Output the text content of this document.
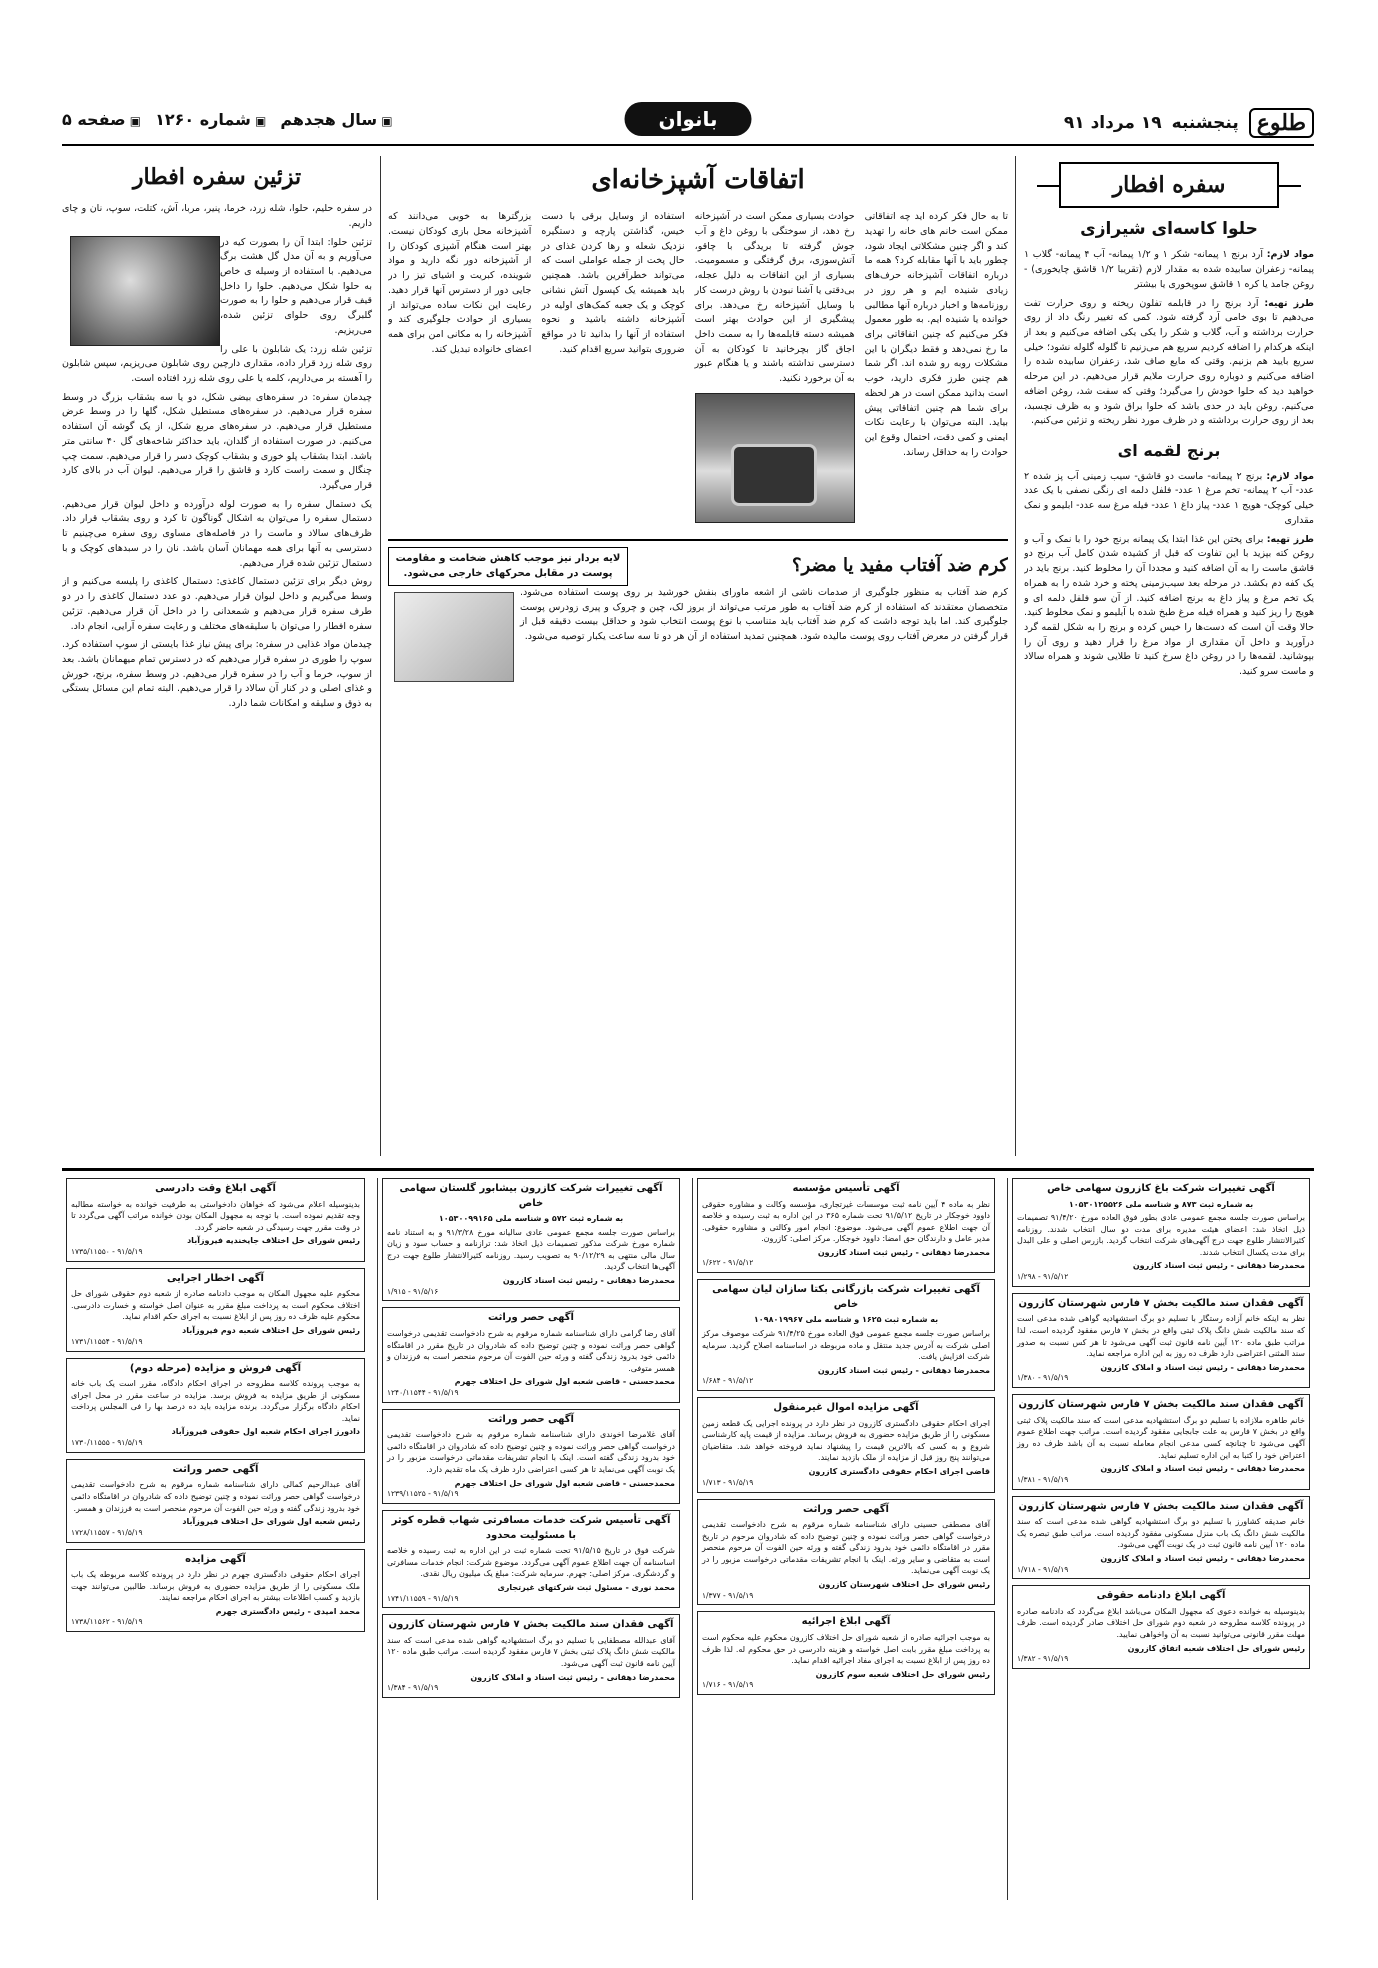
طلوع
پنجشنبه
۱۹ مرداد ۹۱
بانوان
▣ سال هجدهم
▣ شماره ۱۲۶۰
▣ صفحه ۵
سفره افطار
حلوا کاسه‌ای شیرازی

مواد لازم: آرد برنج ۱ پیمانه- شکر ۱ و ۱/۲ پیمانه- آب ۴ پیمانه- گلاب ۱ پیمانه- زعفران سابیده شده به مقدار لازم (تقریبا ۱/۲ قاشق چایخوری) - روغن جامد یا کره ۱ قاشق سوپخوری یا بیشتر

طرز تهیه: آرد برنج را در قابلمه تفلون ریخته و روی حرارت تفت می‌دهیم تا بوی خامی آرد گرفته شود. کمی که تغییر رنگ داد از روی حرارت برداشته و آب، گلاب و شکر را یکی یکی اضافه می‌کنیم و بعد از اینکه هرکدام را اضافه کردیم سریع هم می‌زنیم تا گلوله گلوله نشود؛ خیلی سریع بایید هم بزنیم. وقتی که مایع صاف شد، زعفران سابیده شده را اضافه می‌کنیم و دوباره روی حرارت ملایم قرار می‌دهیم. در این مرحله خواهید دید که حلوا خودش را می‌گیرد؛ وقتی که سفت شد، روغن اضافه می‌کنیم. روغن باید در حدی باشد که حلوا براق شود و به ظرف نچسبد، بعد از روی حرارت برداشته و در ظرف مورد نظر ریخته و تزئین می‌کنیم.

برنج لقمه ای

مواد لازم: برنج ۲ پیمانه- ماست دو قاشق- سیب زمینی آب پز شده ۲ عدد- آب ۲ پیمانه- تخم مرغ ۱ عدد- فلفل دلمه ای رنگی نصفی با یک عدد خیلی کوچک- هویج ۱ عدد- پیاز داغ ۱ عدد- فیله مرغ سه عدد- ابلیمو و نمک مقداری

طرز تهیه: برای پختن این غذا ابتدا یک پیمانه برنج خود را با نمک و آب و روغن کته بپزید با این تفاوت که قبل از کشیده شدن کامل آب برنج دو قاشق ماست را به آن اضافه کنید و مجددا آن را مخلوط کنید. برنج باید در یک کفه دم بکشد. در مرحله بعد سیب‌زمینی پخته و خرد شده را به همراه یک تخم مرغ و پیاز داغ به برنج اضافه کنید. از آن سو فلفل دلمه ای و هویج را ریز کنید و همراه فیله مرغ طبخ شده با آبلیمو و نمک مخلوط کنید. حالا وقت آن است که دست‌ها را خیس کرده و برنج را به شکل لقمه گرد درآورید و داخل آن مقداری از مواد مرغ را قرار دهید و روی آن را بپوشانید. لقمه‌ها را در روغن داغ سرخ کنید تا طلایی شوند و همراه سالاد و ماست سرو کنید.

اتفاقات آشپزخانه‌ای

تا به حال فکر کرده اید چه اتفاقاتی ممکن است خانم های خانه را تهدید کند و اگر چنین مشکلاتی ایجاد شود، چطور باید با آنها مقابله کرد؟ همه ما درباره اتفاقات آشپزخانه حرف‌های زیادی شنیده ایم و هر روز در روزنامه‌ها و اخبار درباره آنها مطالبی خوانده یا شنیده ایم. به طور معمول فکر می‌کنیم که چنین اتفاقاتی برای ما رخ نمی‌دهد و فقط دیگران با این مشکلات روبه رو شده اند. اگر شما هم چنین طرز فکری دارید، خوب است بدانید ممکن است در هر لحظه برای شما هم چنین اتفاقاتی پیش بیاید. البته می‌توان با رعایت نکات ایمنی و کمی دقت، احتمال وقوع این حوادث را به حداقل رساند.

حوادث بسیاری ممکن است در آشپزخانه رخ دهد، از سوختگی با روغن داغ و آب جوش گرفته تا بریدگی با چاقو، آتش‌سوزی، برق گرفتگی و مسمومیت. بسیاری از این اتفاقات به دلیل عجله، بی‌دقتی یا آشنا نبودن با روش درست کار با وسایل آشپزخانه رخ می‌دهد. برای پیشگیری از این حوادث بهتر است همیشه دسته قابلمه‌ها را به سمت داخل اجاق گاز بچرخانید تا کودکان به آن دسترسی نداشته باشند و یا هنگام عبور به آن برخورد نکنید.

استفاده از وسایل برقی با دست خیس، گذاشتن پارچه و دستگیره نزدیک شعله و رها کردن غذای در حال پخت از جمله عواملی است که می‌تواند خطرآفرین باشد. همچنین باید همیشه یک کپسول آتش نشانی کوچک و یک جعبه کمک‌های اولیه در آشپزخانه داشته باشید و نحوه استفاده از آنها را بدانید تا در مواقع ضروری بتوانید سریع اقدام کنید.

بزرگترها به خوبی می‌دانند که آشپزخانه محل بازی کودکان نیست. بهتر است هنگام آشپزی کودکان را از آشپزخانه دور نگه دارید و مواد شوینده، کبریت و اشیای تیز را در جایی دور از دسترس آنها قرار دهید. رعایت این نکات ساده می‌تواند از بسیاری از حوادث جلوگیری کند و آشپزخانه را به مکانی امن برای همه اعضای خانواده تبدیل کند.

کرم ضد آفتاب مفید یا مضر؟
لایه بردار نیز موجب کاهش ضخامت و مقاومت پوست در مقابل محرکهای خارجی می‌شود.

کرم ضد آفتاب به منظور جلوگیری از صدمات ناشی از اشعه ماورای بنفش خورشید بر روی پوست استفاده می‌شود. متخصصان معتقدند که استفاده از کرم ضد آفتاب به طور مرتب می‌تواند از بروز لک، چین و چروک و پیری زودرس پوست جلوگیری کند. اما باید توجه داشت که کرم ضد آفتاب باید متناسب با نوع پوست انتخاب شود و حداقل بیست دقیقه قبل از قرار گرفتن در معرض آفتاب روی پوست مالیده شود. همچنین تمدید استفاده از آن هر دو تا سه ساعت یکبار توصیه می‌شود.

تزئین سفره افطار

در سفره حلیم، حلوا، شله زرد، خرما، پنیر، مربا، آش، کتلت، سوپ، نان و چای داریم.

تزئین حلوا: ابتدا آن را بصورت کیه در می‌آوریم و به آن مدل گل هشت برگ می‌دهیم. با استفاده از وسیله ی خاص به حلوا شکل می‌دهیم. حلوا را داخل قیف قرار می‌دهیم و حلوا را به صورت گلبرگ روی حلوای تزئین شده، می‌ریزیم.

تزئین شله زرد: یک شابلون با علی را روی شله زرد قرار داده، مقداری دارچین روی شابلون می‌ریزیم، سپس شابلون را آهسته بر می‌داریم، کلمه یا علی روی شله زرد افتاده است.

چیدمان سفره: در سفره‌های بیضی شکل، دو یا سه بشقاب بزرگ در وسط سفره قرار می‌دهیم. در سفره‌های مستطیل شکل، گلها را در وسط عرض مستطیل قرار می‌دهیم. در سفره‌های مربع شکل، از یک گوشه آن استفاده می‌کنیم. در صورت استفاده از گلدان، باید حداکثر شاخه‌های گل ۴۰ سانتی متر باشد. ابتدا بشقاب پلو خوری و بشقاب کوچک دسر را قرار می‌دهیم. سمت چپ چنگال و سمت راست کارد و قاشق را قرار می‌دهیم. لیوان آب در بالای کارد قرار می‌گیرد.

یک دستمال سفره را به صورت لوله درآورده و داخل لیوان قرار می‌دهیم. دستمال سفره را می‌توان به اشکال گوناگون تا کرد و روی بشقاب قرار داد. ظرف‌های سالاد و ماست را در فاصله‌های مساوی روی سفره می‌چینیم تا دسترسی به آنها برای همه مهمانان آسان باشد. نان را در سبدهای کوچک و با دستمال تزئین شده قرار می‌دهیم.

روش دیگر برای تزئین دستمال کاغذی: دستمال کاغذی را پلیسه می‌کنیم و از وسط می‌گیریم و داخل لیوان قرار می‌دهیم. دو عدد دستمال کاغذی را در دو طرف سفره قرار می‌دهیم و شمعدانی را در داخل آن قرار می‌دهیم. تزئین سفره افطار را می‌توان با سلیقه‌های مختلف و رعایت سفره آرایی، انجام داد.

چیدمان مواد غذایی در سفره: برای پیش نیاز غذا بایستی از سوپ استفاده کرد. سوپ را طوری در سفره قرار می‌دهیم که در دسترس تمام میهمانان باشد. بعد از سوپ، خرما و آب را در سفره قرار می‌دهیم. در وسط سفره، برنج، خورش و غذای اصلی و در کنار آن سالاد را قرار می‌دهیم. البته تمام این مسائل بستگی به ذوق و سلیقه و امکانات شما دارد.

آگهی تغییرات شرکت باغ کازرون سهامی خاص
به شماره ثبت ۸۷۳ و شناسه ملی ۱۰۵۳۰۱۲۵۵۲۶
براساس صورت جلسه مجمع عمومی عادی بطور فوق العاده مورخ ۹۱/۴/۲۰ تصمیمات ذیل اتخاذ شد: اعضای هیئت مدیره برای مدت دو سال انتخاب شدند. روزنامه کثیرالانتشار طلوع جهت درج آگهی‌های شرکت انتخاب گردید. بازرس اصلی و علی البدل برای مدت یکسال انتخاب شدند.
محمدرضا دهقانی - رئیس ثبت اسناد کازرون
۹۱/۵/۱۲ - ۱/۲۹۸
آگهی فقدان سند مالکیت بخش ۷ فارس شهرستان کازرون
نظر به اینکه خانم آزاده رستگار با تسلیم دو برگ استشهادیه گواهی شده مدعی است که سند مالکیت شش دانگ پلاک ثبتی واقع در بخش ۷ فارس مفقود گردیده است، لذا مراتب طبق ماده ۱۲۰ آیین نامه قانون ثبت آگهی می‌شود تا هر کس نسبت به صدور سند المثنی اعتراضی دارد ظرف ده روز به این اداره مراجعه نماید.
محمدرضا دهقانی - رئیس ثبت اسناد و املاک کازرون
۹۱/۵/۱۹ - ۱/۳۸۰
آگهی فقدان سند مالکیت بخش ۷ فارس شهرستان کازرون
خانم طاهره ملازاده با تسلیم دو برگ استشهادیه مدعی است که سند مالکیت پلاک ثبتی واقع در بخش ۷ فارس به علت جابجایی مفقود گردیده است. مراتب جهت اطلاع عموم آگهی می‌شود تا چنانچه کسی مدعی انجام معامله نسبت به آن باشد ظرف ده روز اعتراض خود را کتبا به این اداره تسلیم نماید.
محمدرضا دهقانی - رئیس ثبت اسناد و املاک کازرون
۹۱/۵/۱۹ - ۱/۳۸۱
آگهی فقدان سند مالکیت بخش ۷ فارس شهرستان کازرون
خانم صدیقه کشاورز با تسلیم دو برگ استشهادیه گواهی شده مدعی است که سند مالکیت شش دانگ یک باب منزل مسکونی مفقود گردیده است. مراتب طبق تبصره یک ماده ۱۲۰ آیین نامه قانون ثبت در یک نوبت آگهی می‌شود.
محمدرضا دهقانی - رئیس ثبت اسناد و املاک کازرون
۹۱/۵/۱۹ - ۱/۷۱۸
آگهی ابلاغ دادنامه حقوقی
بدینوسیله به خوانده دعوی که مجهول المکان می‌باشد ابلاغ می‌گردد که دادنامه صادره در پرونده کلاسه مطروحه در شعبه دوم شورای حل اختلاف صادر گردیده است. ظرف مهلت مقرر قانونی می‌توانید نسبت به آن واخواهی نمایید.
رئیس شورای حل اختلاف شعبه اتفاق کازرون
۹۱/۵/۱۹ - ۱/۳۸۲
آگهی تأسیس مؤسسه
نظر به ماده ۴ آیین نامه ثبت موسسات غیرتجاری، مؤسسه وکالت و مشاوره حقوقی داوود خوجکار در تاریخ ۹۱/۵/۱۲ تحت شماره ۳۶۵ در این اداره به ثبت رسیده و خلاصه آن جهت اطلاع عموم آگهی می‌شود. موضوع: انجام امور وکالتی و مشاوره حقوقی. مدیر عامل و دارندگان حق امضا: داوود خوجکار. مرکز اصلی: کازرون.
محمدرضا دهقانی - رئیس ثبت اسناد کازرون
۹۱/۵/۱۲ - ۱/۶۲۲
آگهی تغییرات شرکت بازرگانی بکتا سازان لیان سهامی خاص
به شماره ثبت ۱۶۲۵ و شناسه ملی ۱۰۹۸۰۱۹۹۶۷
براساس صورت جلسه مجمع عمومی فوق العاده مورخ ۹۱/۴/۲۵ شرکت موصوف مرکز اصلی شرکت به آدرس جدید منتقل و ماده مربوطه در اساسنامه اصلاح گردید. سرمایه شرکت افزایش یافت.
محمدرضا دهقانی - رئیس ثبت اسناد کازرون
۹۱/۵/۱۲ - ۱/۶۸۴
آگهی مزایده اموال غیرمنقول
اجرای احکام حقوقی دادگستری کازرون در نظر دارد در پرونده اجرایی یک قطعه زمین مسکونی را از طریق مزایده حضوری به فروش برساند. مزایده از قیمت پایه کارشناسی شروع و به کسی که بالاترین قیمت را پیشنهاد نماید فروخته خواهد شد. متقاضیان می‌توانند پنج روز قبل از مزایده از ملک بازدید نمایند.
قاضی اجرای احکام حقوقی دادگستری کازرون
۹۱/۵/۱۹ - ۱/۷۱۳
آگهی حصر وراثت
آقای مصطفی حسینی دارای شناسنامه شماره مرقوم به شرح دادخواست تقدیمی درخواست گواهی حصر وراثت نموده و چنین توضیح داده که شادروان مرحوم در تاریخ مقرر در اقامتگاه دائمی خود بدرود زندگی گفته و ورثه حین الفوت آن مرحوم منحصر است به متقاضی و سایر ورثه. اینک با انجام تشریفات مقدماتی درخواست مزبور را در یک نوبت آگهی می‌نماید.
رئیس شورای حل اختلاف شهرستان کازرون
۹۱/۵/۱۹ - ۱/۳۷۷
آگهی ابلاغ اجرائیه
به موجب اجرائیه صادره از شعبه شورای حل اختلاف کازرون محکوم علیه محکوم است به پرداخت مبلغ مقرر بابت اصل خواسته و هزینه دادرسی در حق محکوم له. لذا ظرف ده روز پس از ابلاغ نسبت به اجرای مفاد اجرائیه اقدام نماید.
رئیس شورای حل اختلاف شعبه سوم کازرون
۹۱/۵/۱۹ - ۱/۷۱۶
آگهی تغییرات شرکت کازرون بیشابور گلستان سهامی خاص
به شماره ثبت ۵۷۲ و شناسه ملی ۱۰۵۳۰۰۹۹۱۶۵
براساس صورت جلسه مجمع عمومی عادی سالیانه مورخ ۹۱/۳/۲۸ و به استناد نامه شماره مورخ شرکت مذکور تصمیمات ذیل اتخاذ شد: ترازنامه و حساب سود و زیان سال مالی منتهی به ۹۰/۱۲/۲۹ به تصویب رسید. روزنامه کثیرالانتشار طلوع جهت درج آگهی‌ها انتخاب گردید.
محمدرضا دهقانی - رئیس ثبت اسناد کازرون
۹۱/۵/۱۶ - ۱/۹۱۵
آگهی حصر وراثت
آقای رضا گرامی دارای شناسنامه شماره مرقوم به شرح دادخواست تقدیمی درخواست گواهی حصر وراثت نموده و چنین توضیح داده که شادروان در تاریخ مقرر در اقامتگاه دائمی خود بدرود زندگی گفته و ورثه حین الفوت آن مرحوم منحصر است به فرزندان و همسر متوفی.
محمدحسنی - قاضی شعبه اول شورای حل اختلاف جهرم
۹۱/۵/۱۹ - ۱۲۴۰/۱۱۵۴۴
آگهی حصر وراثت
آقای غلامرضا اخوندی دارای شناسنامه شماره مرقوم به شرح دادخواست تقدیمی درخواست گواهی حصر وراثت نموده و چنین توضیح داده که شادروان در اقامتگاه دائمی خود بدرود زندگی گفته است. اینک با انجام تشریفات مقدماتی درخواست مزبور را در یک نوبت آگهی می‌نماید تا هر کسی اعتراضی دارد ظرف یک ماه تقدیم دارد.
محمدحسنی - قاضی شعبه اول شورای حل اختلاف جهرم
۹۱/۵/۱۹ - ۱۲۳۹/۱۱۵۲۵
آگهی تأسیس شرکت خدمات مسافرتی شهاب قطره کوثر با مسئولیت محدود
شرکت فوق در تاریخ ۹۱/۵/۱۵ تحت شماره ثبت در این اداره به ثبت رسیده و خلاصه اساسنامه آن جهت اطلاع عموم آگهی می‌گردد. موضوع شرکت: انجام خدمات مسافرتی و گردشگری. مرکز اصلی: جهرم. سرمایه شرکت: مبلغ یک میلیون ریال نقدی.
محمد نوری - مسئول ثبت شرکتهای غیرتجاری
۹۱/۵/۱۹ - ۱۷۴۱/۱۱۵۵۹
آگهی فقدان سند مالکیت بخش ۷ فارس شهرستان کازرون
آقای عبدالله مصطفایی با تسلیم دو برگ استشهادیه گواهی شده مدعی است که سند مالکیت شش دانگ پلاک ثبتی بخش ۷ فارس مفقود گردیده است. مراتب طبق ماده ۱۲۰ آیین نامه قانون ثبت آگهی می‌شود.
محمدرضا دهقانی - رئیس ثبت اسناد و املاک کازرون
۹۱/۵/۱۹ - ۱/۳۸۴
آگهی ابلاغ وقت دادرسی
بدینوسیله اعلام می‌شود که خواهان دادخواستی به طرفیت خوانده به خواسته مطالبه وجه تقدیم نموده است. با توجه به مجهول المکان بودن خوانده مراتب آگهی می‌گردد تا در وقت مقرر جهت رسیدگی در شعبه حاضر گردد.
رئیس شورای حل اختلاف جایخندیه فیروزآباد
۹۱/۵/۱۹ - ۱۷۳۵/۱۱۵۵۰
آگهی اخطار اجرایی
محکوم علیه مجهول المکان به موجب دادنامه صادره از شعبه دوم حقوقی شورای حل اختلاف محکوم است به پرداخت مبلغ مقرر به عنوان اصل خواسته و خسارت دادرسی. محکوم علیه ظرف ده روز پس از ابلاغ نسبت به اجرای حکم اقدام نماید.
رئیس شورای حل اختلاف شعبه دوم فیروزآباد
۹۱/۵/۱۹ - ۱۷۳۱/۱۱۵۵۴
آگهی فروش و مزایده (مرحله دوم)
به موجب پرونده کلاسه مطروحه در اجرای احکام دادگاه، مقرر است یک باب خانه مسکونی از طریق مزایده به فروش برسد. مزایده در ساعت مقرر در محل اجرای احکام دادگاه برگزار می‌گردد. برنده مزایده باید ده درصد بها را فی المجلس پرداخت نماید.
دادورز اجرای احکام شعبه اول حقوقی فیروزآباد
۹۱/۵/۱۹ - ۱۷۳۰/۱۱۵۵۵
آگهی حصر وراثت
آقای عبدالرحیم کمالی دارای شناسنامه شماره مرقوم به شرح دادخواست تقدیمی درخواست گواهی حصر وراثت نموده و چنین توضیح داده که شادروان در اقامتگاه دائمی خود بدرود زندگی گفته و ورثه حین الفوت آن مرحوم منحصر است به فرزندان و همسر.
رئیس شعبه اول شورای حل اختلاف فیروزآباد
۹۱/۵/۱۹ - ۱۷۲۸/۱۱۵۵۷
آگهی مزایده
اجرای احکام حقوقی دادگستری جهرم در نظر دارد در پرونده کلاسه مربوطه یک باب ملک مسکونی را از طریق مزایده حضوری به فروش برساند. طالبین می‌توانند جهت بازدید و کسب اطلاعات بیشتر به اجرای احکام مراجعه نمایند.
محمد امیدی - رئیس دادگستری جهرم
۹۱/۵/۱۹ - ۱۷۳۸/۱۱۵۶۲
